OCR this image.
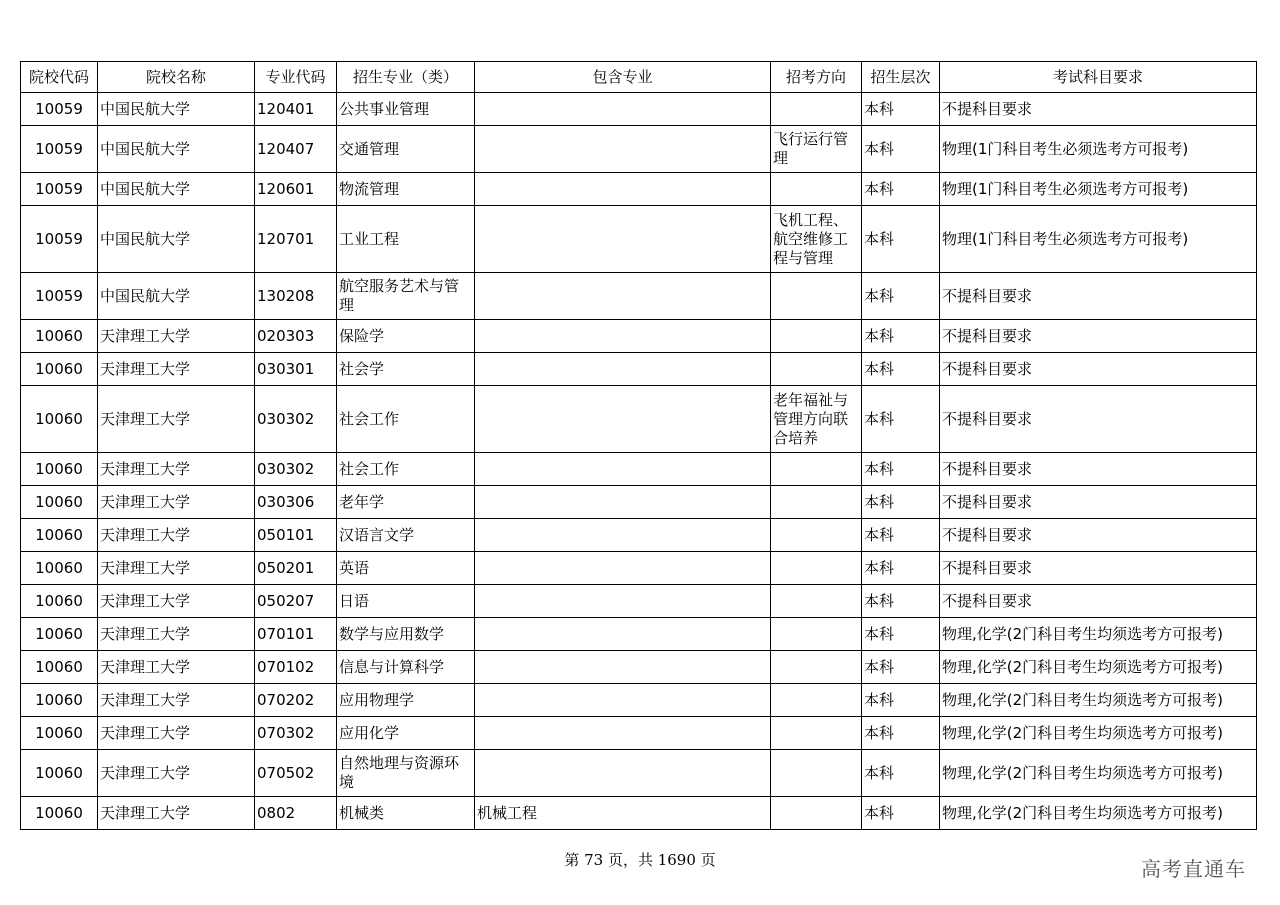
院校代码	院校名称	专业代码	招生专业（类）	包含专业	招考方向	招生层次	考试科目要求
10059	中国民航大学	120401	公共事业管理			本科	不提科目要求
10059	中国民航大学	120407	交通管理		飞行运行管理	本科	物理(1门科目考生必须选考方可报考)
10059	中国民航大学	120601	物流管理			本科	物理(1门科目考生必须选考方可报考)
10059	中国民航大学	120701	工业工程		飞机工程、航空维修工程与管理	本科	物理(1门科目考生必须选考方可报考)
10059	中国民航大学	130208	航空服务艺术与管理			本科	不提科目要求
10060	天津理工大学	020303	保险学			本科	不提科目要求
10060	天津理工大学	030301	社会学			本科	不提科目要求
10060	天津理工大学	030302	社会工作		老年福祉与管理方向联合培养	本科	不提科目要求
10060	天津理工大学	030302	社会工作			本科	不提科目要求
10060	天津理工大学	030306	老年学			本科	不提科目要求
10060	天津理工大学	050101	汉语言文学			本科	不提科目要求
10060	天津理工大学	050201	英语			本科	不提科目要求
10060	天津理工大学	050207	日语			本科	不提科目要求
10060	天津理工大学	070101	数学与应用数学			本科	物理,化学(2门科目考生均须选考方可报考)
10060	天津理工大学	070102	信息与计算科学			本科	物理,化学(2门科目考生均须选考方可报考)
10060	天津理工大学	070202	应用物理学			本科	物理,化学(2门科目考生均须选考方可报考)
10060	天津理工大学	070302	应用化学			本科	物理,化学(2门科目考生均须选考方可报考)
10060	天津理工大学	070502	自然地理与资源环境			本科	物理,化学(2门科目考生均须选考方可报考)
10060	天津理工大学	0802	机械类	机械工程		本科	物理,化学(2门科目考生均须选考方可报考)
第 73 页，共 1690 页	高考直通车
